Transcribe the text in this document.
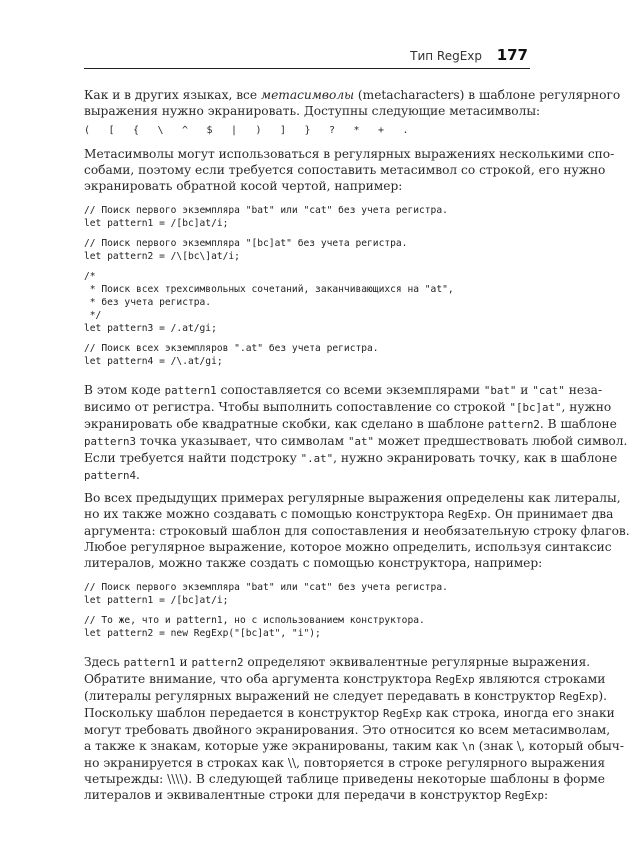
Тип RegExp 177
Как и в других языках, все метасимволы (metacharacters) в шаблоне регулярного
выражения нужно экранировать. Доступны следующие метасимволы:
(	[	{	\	^	$	|	)	]	}	?	*	+	.
Метасимволы могут использоваться в регулярных выражениях несколькими спо-
собами, поэтому если требуется сопоставить метасимвол со строкой, его нужно
экранировать обратной косой чертой, например:
// Поиск первого экземпляра "bat" или "cat" без учета регистра.
let pattern1 = /[bc]at/i;
// Поиск первого экземпляра "[bc]at" без учета регистра.
let pattern2 = /\[bc\]at/i;
/*
* Поиск всех трехсимвольных сочетаний, заканчивающихся на "at",
* без учета регистра.
*/
let pattern3 = /.at/gi;
// Поиск всех экземпляров ".at" без учета регистра.
let pattern4 = /\.at/gi;
В этом коде pattern1 сопоставляется со всеми экземплярами "bat" и "cat" неза-
висимо от регистра. Чтобы выполнить сопоставление со строкой "[bc]at", нужно
экранировать обе квадратные скобки, как сделано в шаблоне pattern2. В шаблоне
pattern3 точка указывает, что символам "at" может предшествовать любой символ.
Если требуется найти подстроку ".at", нужно экранировать точку, как в шаблоне
pattern4.
Во всех предыдущих примерах регулярные выражения определены как литералы,
но их также можно создавать с помощью конструктора RegExp. Он принимает два
аргумента: строковый шаблон для сопоставления и необязательную строку флагов.
Любое регулярное выражение, которое можно определить, используя синтаксис
литералов, можно также создать с помощью конструктора, например:
// Поиск первого экземпляра "bat" или "cat" без учета регистра.
let pattern1 = /[bc]at/i;
// То же, что и pattern1, но с использованием конструктора.
let pattern2 = new RegExp("[bc]at", "i");
Здесь pattern1 и pattern2 определяют эквивалентные регулярные выражения.
Обратите внимание, что оба аргумента конструктора RegExp являются строками
(литералы регулярных выражений не следует передавать в конструктор RegExp).
Поскольку шаблон передается в конструктор RegExp как строка, иногда его знаки
могут требовать двойного экранирования. Это относится ко всем метасимволам,
а также к знакам, которые уже экранированы, таким как \n (знак \, который обыч-
но экранируется в строках как \\, повторяется в строке регулярного выражения
четырежды: \\\\). В следующей таблице приведены некоторые шаблоны в форме
литералов и эквивалентные строки для передачи в конструктор RegExp:
